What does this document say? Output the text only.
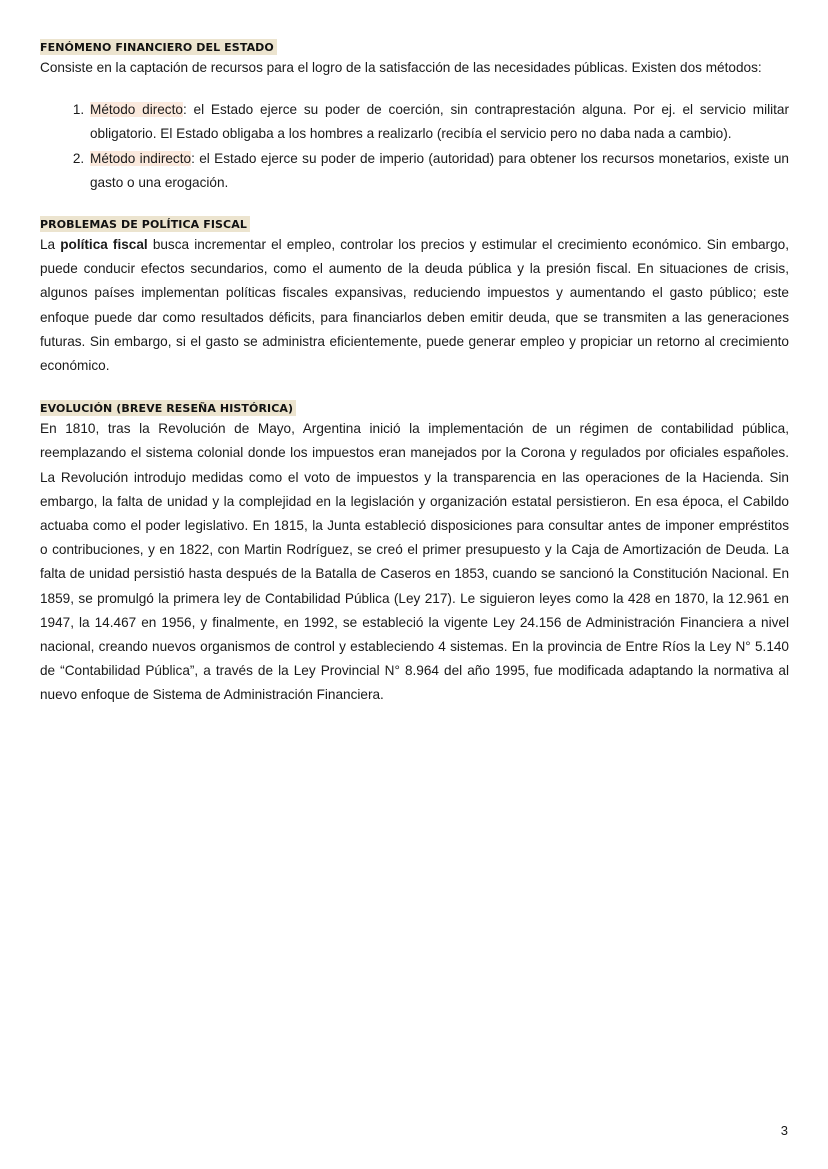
FENÓMENO FINANCIERO DEL ESTADO

Consiste en la captación de recursos para el logro de la satisfacción de las necesidades públicas. Existen dos métodos:

1. Método directo: el Estado ejerce su poder de coerción, sin contraprestación alguna. Por ej. el servicio militar obligatorio. El Estado obligaba a los hombres a realizarlo (recibía el servicio pero no daba nada a cambio).
2. Método indirecto: el Estado ejerce su poder de imperio (autoridad) para obtener los recursos monetarios, existe un gasto o una erogación.
PROBLEMAS DE POLÍTICA FISCAL

La política fiscal busca incrementar el empleo, controlar los precios y estimular el crecimiento económico. Sin embargo, puede conducir efectos secundarios, como el aumento de la deuda pública y la presión fiscal. En situaciones de crisis, algunos países implementan políticas fiscales expansivas, reduciendo impuestos y aumentando el gasto público; este enfoque puede dar como resultados déficits, para financiarlos deben emitir deuda, que se transmiten a las generaciones futuras. Sin embargo, si el gasto se administra eficientemente, puede generar empleo y propiciar un retorno al crecimiento económico.

EVOLUCIÓN (BREVE RESEÑA HISTÓRICA)

En 1810, tras la Revolución de Mayo, Argentina inició la implementación de un régimen de contabilidad pública, reemplazando el sistema colonial donde los impuestos eran manejados por la Corona y regulados por oficiales españoles. La Revolución introdujo medidas como el voto de impuestos y la transparencia en las operaciones de la Hacienda. Sin embargo, la falta de unidad y la complejidad en la legislación y organización estatal persistieron. En esa época, el Cabildo actuaba como el poder legislativo. En 1815, la Junta estableció disposiciones para consultar antes de imponer empréstitos o contribuciones, y en 1822, con Martin Rodríguez, se creó el primer presupuesto y la Caja de Amortización de Deuda. La falta de unidad persistió hasta después de la Batalla de Caseros en 1853, cuando se sancionó la Constitución Nacional. En 1859, se promulgó la primera ley de Contabilidad Pública (Ley 217). Le siguieron leyes como la 428 en 1870, la 12.961 en 1947, la 14.467 en 1956, y finalmente, en 1992, se estableció la vigente Ley 24.156 de Administración Financiera a nivel nacional, creando nuevos organismos de control y estableciendo 4 sistemas. En la provincia de Entre Ríos la Ley N° 5.140 de “Contabilidad Pública”, a través de la Ley Provincial N° 8.964 del año 1995, fue modificada adaptando la normativa al nuevo enfoque de Sistema de Administración Financiera.

3
